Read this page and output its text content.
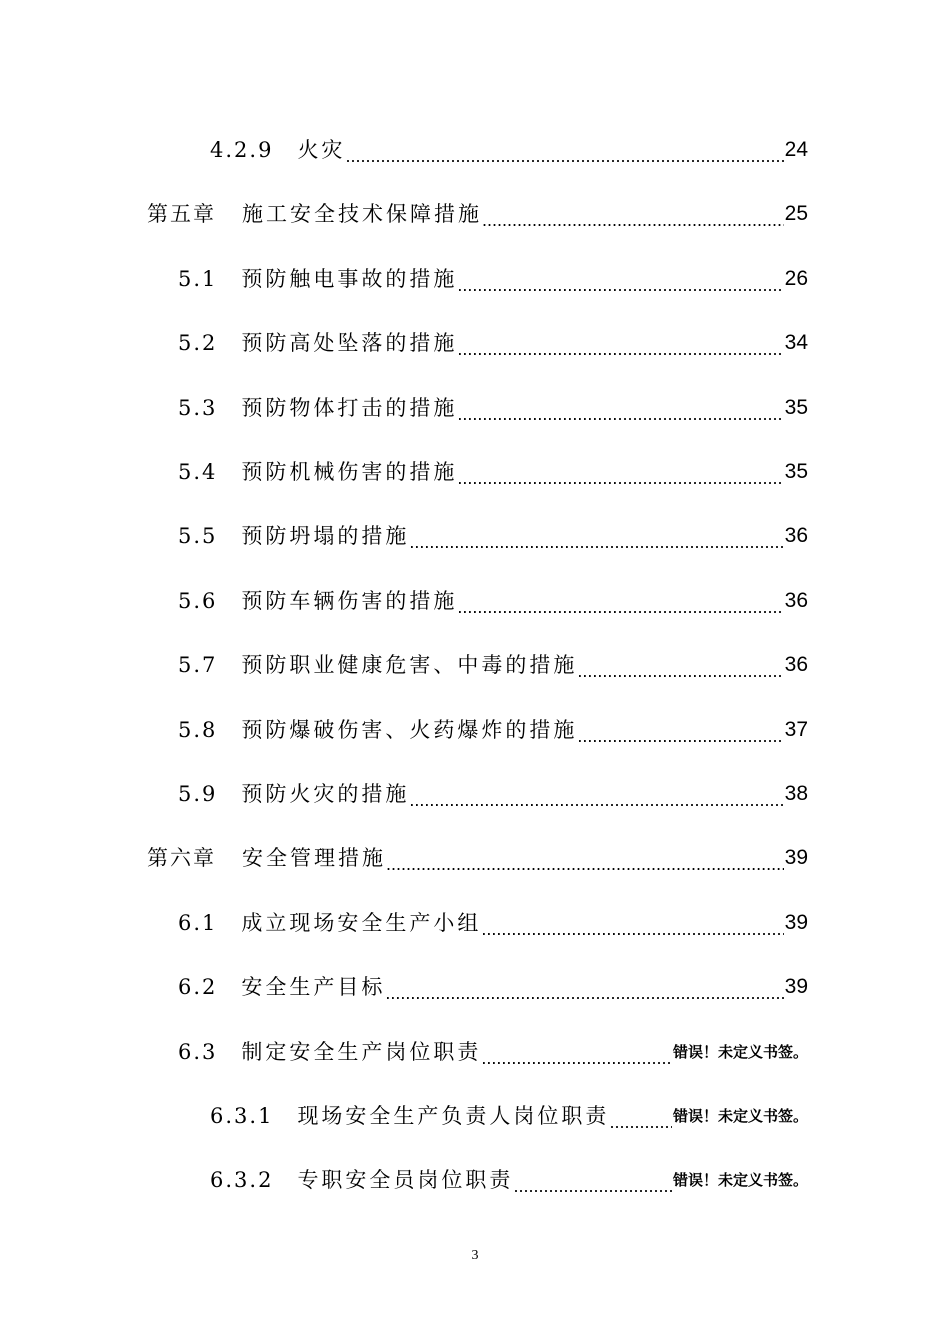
4.2.9 火灾 .....	24
第五章 施工安全技术保障措施 .....	25
5.1 预防触电事故的措施 .....	26
5.2 预防高处坠落的措施 .....	34
5.3 预防物体打击的措施 .....	35
5.4 预防机械伤害的措施 .....	35
5.5 预防坍塌的措施 .....	36
5.6 预防车辆伤害的措施 .....	36
5.7 预防职业健康危害、中毒的措施 .....	36
5.8 预防爆破伤害、火药爆炸的措施 .....	37
5.9 预防火灾的措施 .....	38
第六章 安全管理措施 .....	39
6.1 成立现场安全生产小组 .....	39
6.2 安全生产目标 .....	39
6.3 制定安全生产岗位职责 .....	错误！未定义书签。
6.3.1 现场安全生产负责人岗位职责 .....	错误！未定义书签。
6.3.2 专职安全员岗位职责 .....	错误！未定义书签。
3
